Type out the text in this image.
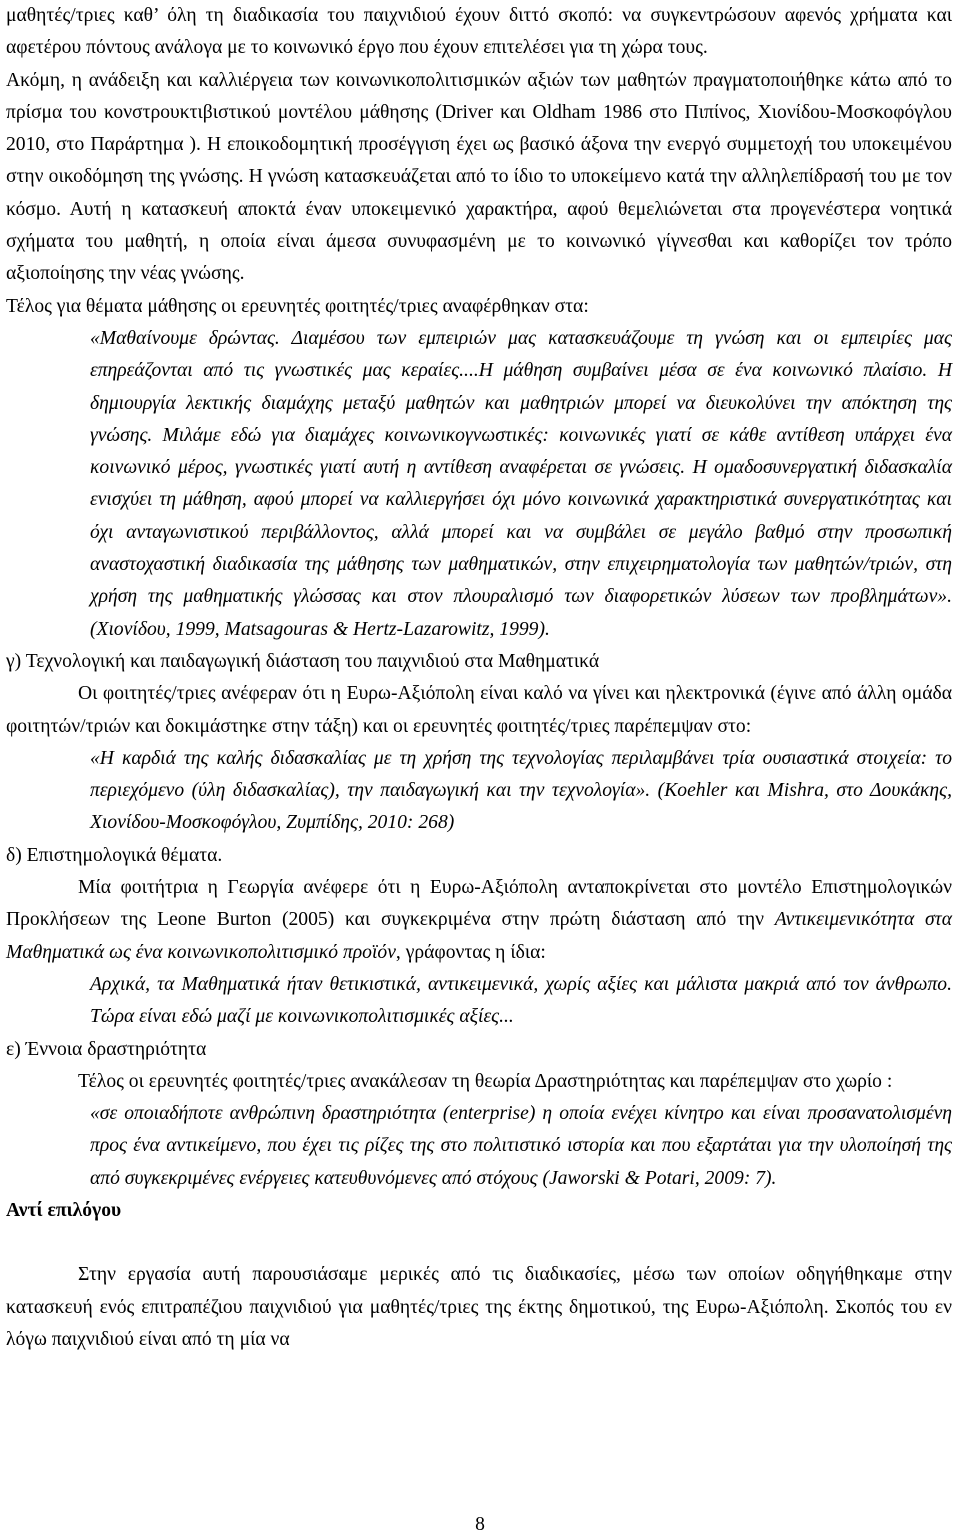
μαθητές/τριες καθ’ όλη τη διαδικασία του παιχνιδιού έχουν διττό σκοπό: να συγκεντρώσουν αφενός χρήματα και αφετέρου πόντους ανάλογα με το κοινωνικό έργο που έχουν επιτελέσει για τη χώρα τους.

Ακόμη, η ανάδειξη και καλλιέργεια των κοινωνικοπολιτισμικών αξιών των μαθητών πραγματοποιήθηκε κάτω από το πρίσμα του κονστρουκτιβιστικού μοντέλου μάθησης (Driver και Oldham 1986 στο Πιπίνος, Χιονίδου-Μοσκοφόγλου 2010, στο Παράρτημα ). Η εποικοδομητική προσέγγιση έχει ως βασικό άξονα την ενεργό συμμετοχή του υποκειμένου στην οικοδόμηση της γνώσης. Η γνώση κατασκευάζεται από το ίδιο το υποκείμενο κατά την αλληλεπίδρασή του με τον κόσμο. Αυτή η κατασκευή αποκτά έναν υποκειμενικό χαρακτήρα, αφού θεμελιώνεται στα προγενέστερα νοητικά σχήματα του μαθητή, η οποία είναι άμεσα συνυφασμένη με το κοινωνικό γίγνεσθαι και καθορίζει τον τρόπο αξιοποίησης την νέας γνώσης.

Τέλος για θέματα μάθησης οι ερευνητές φοιτητές/τριες αναφέρθηκαν στα:

«Μαθαίνουμε δρώντας. Διαμέσου των εμπειριών μας κατασκευάζουμε τη γνώση και οι εμπειρίες μας επηρεάζονται από τις γνωστικές μας κεραίες....Η μάθηση συμβαίνει μέσα σε ένα κοινωνικό πλαίσιο. Η δημιουργία λεκτικής διαμάχης μεταξύ μαθητών και μαθητριών μπορεί να διευκολύνει την απόκτηση της γνώσης. Μιλάμε εδώ για διαμάχες κοινωνικογνωστικές: κοινωνικές γιατί σε κάθε αντίθεση υπάρχει ένα κοινωνικό μέρος, γνωστικές γιατί αυτή η αντίθεση αναφέρεται σε γνώσεις. Η ομαδοσυνεργατική διδασκαλία ενισχύει τη μάθηση, αφού μπορεί να καλλιεργήσει όχι μόνο κοινωνικά χαρακτηριστικά συνεργατικότητας και όχι ανταγωνιστικού περιβάλλοντος, αλλά μπορεί και να συμβάλει σε μεγάλο βαθμό στην προσωπική αναστοχαστική διαδικασία της μάθησης των μαθηματικών, στην επιχειρηματολογία των μαθητών/τριών, στη χρήση της μαθηματικής γλώσσας και στον πλουραλισμό των διαφορετικών λύσεων των προβλημάτων».(Χιονίδου, 1999, Matsagouras & Hertz-Lazarowitz, 1999).

γ) Τεχνολογική και παιδαγωγική διάσταση του παιχνιδιού στα Μαθηματικά

Οι φοιτητές/τριες ανέφεραν ότι η Ευρω-Αξιόπολη είναι καλό να γίνει και ηλεκτρονικά (έγινε από άλλη ομάδα φοιτητών/τριών και δοκιμάστηκε στην τάξη) και οι ερευνητές φοιτητές/τριες παρέπεμψαν στο:

«Η καρδιά της καλής διδασκαλίας με τη χρήση της τεχνολογίας περιλαμβάνει τρία ουσιαστικά στοιχεία: το περιεχόμενο (ύλη διδασκαλίας), την παιδαγωγική και την τεχνολογία». (Koehler και Mishra, στο Δουκάκης, Χιονίδου-Μοσκοφόγλου, Ζυμπίδης, 2010: 268)

δ) Επιστημολογικά θέματα.

Μία φοιτήτρια η Γεωργία ανέφερε ότι η Ευρω-Αξιόπολη ανταποκρίνεται στο μοντέλο Επιστημολογικών Προκλήσεων της Leone Burton (2005) και συγκεκριμένα στην πρώτη διάσταση από την Αντικειμενικότητα στα Μαθηματικά ως ένα κοινωνικοπολιτισμικό προϊόν, γράφοντας η ίδια:

Αρχικά, τα Μαθηματικά ήταν θετικιστικά, αντικειμενικά, χωρίς αξίες και μάλιστα μακριά από τον άνθρωπο. Τώρα είναι εδώ μαζί με κοινωνικοπολιτισμικές αξίες...

ε) Έννοια δραστηριότητα

Τέλος οι ερευνητές φοιτητές/τριες ανακάλεσαν τη θεωρία Δραστηριότητας και παρέπεμψαν στο χωρίο :

«σε οποιαδήποτε ανθρώπινη δραστηριότητα (enterprise) η οποία ενέχει κίνητρο και είναι προσανατολισμένη προς ένα αντικείμενο, που έχει τις ρίζες της στο πολιτιστικό ιστορία και που εξαρτάται για την υλοποίησή της από συγκεκριμένες ενέργειες κατευθυνόμενες από στόχους (Jaworski & Potari, 2009: 7).

Αντί επιλόγου

Στην εργασία αυτή παρουσιάσαμε μερικές από τις διαδικασίες, μέσω των οποίων οδηγήθηκαμε στην κατασκευή ενός επιτραπέζιου παιχνιδιού για μαθητές/τριες της έκτης δημοτικού, της Ευρω-Αξιόπολη. Σκοπός του εν λόγω παιχνιδιού είναι από τη μία να

8
